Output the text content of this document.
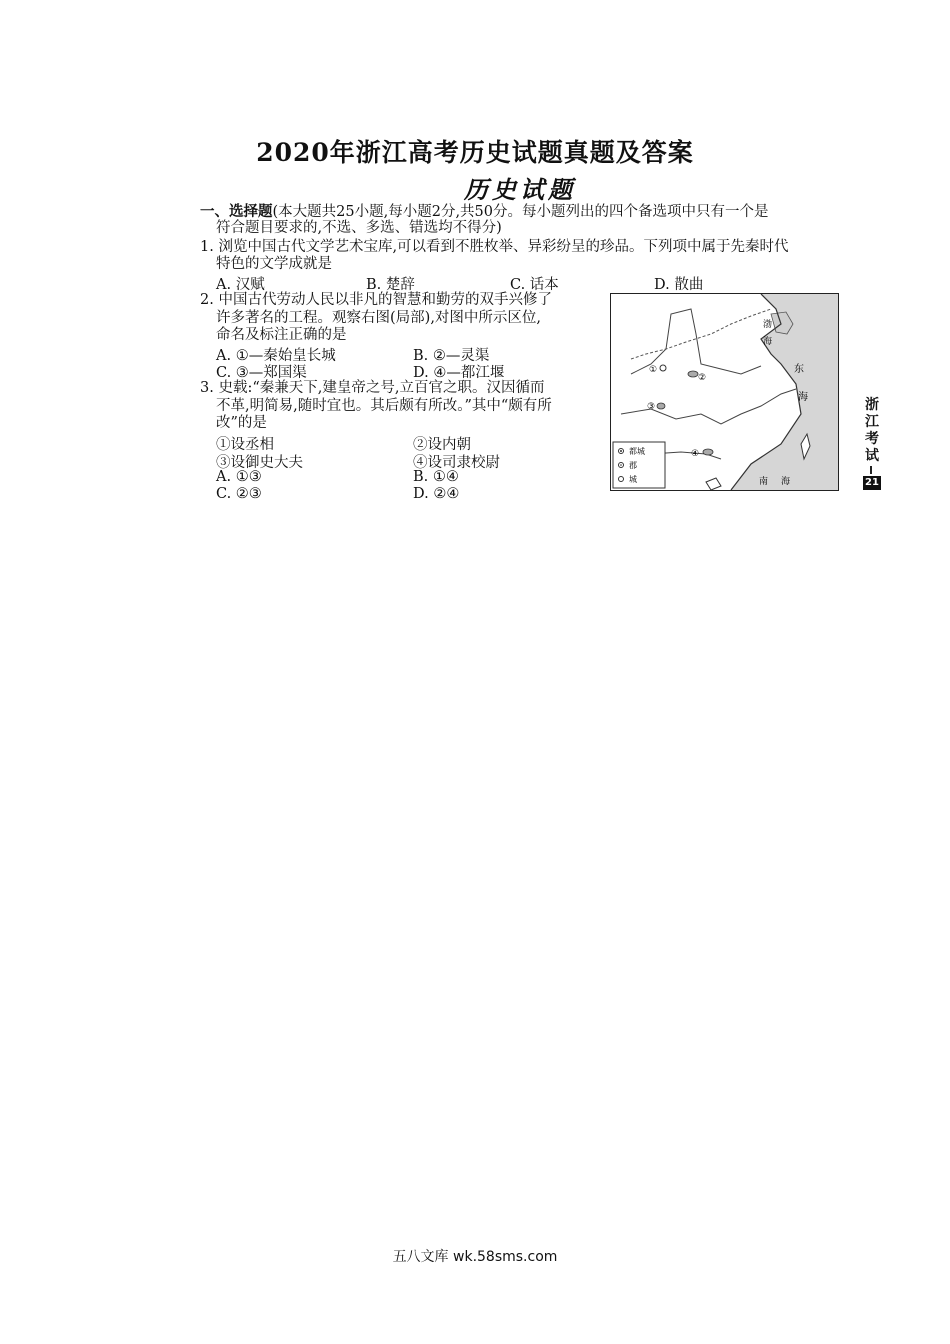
2020年浙江高考历史试题真题及答案
历史试题
一、选择题(本大题共25小题,每小题2分,共50分。每小题列出的四个备选项中只有一个是
符合题目要求的,不选、多选、错选均不得分)
1. 浏览中国古代文学艺术宝库,可以看到不胜枚举、异彩纷呈的珍品。下列项中属于先秦时代
特色的文学成就是
A. 汉赋	B. 楚辞	C. 话本	D. 散曲
2. 中国古代劳动人民以非凡的智慧和勤劳的双手兴修了
许多著名的工程。观察右图(局部),对图中所示区位,
命名及标注正确的是
A. ①—秦始皇长城	B. ②—灵渠
C. ③—郑国渠	D. ④—都江堰
3. 史载:“秦兼天下,建皇帝之号,立百官之职。汉因循而
不革,明简易,随时宜也。其后颇有所改。”其中“颇有所
改”的是
①设丞相	②设内朝
③设御史大夫	④设司隶校尉
A. ①③	B. ①④
C. ②③	D. ②④
都城
郡
城
渤
海
东
海
南 海
①
②
③
④
浙
江
考
试
21
五八文库 wk.58sms.com
